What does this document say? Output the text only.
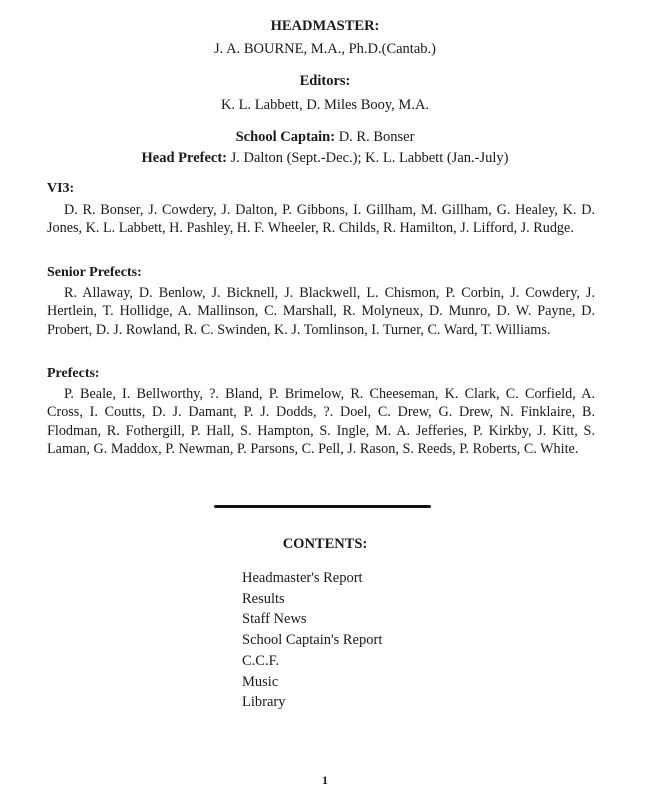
HEADMASTER:
J. A. BOURNE, M.A., Ph.D.(Cantab.)
Editors:
K. L. Labbett, D. Miles Booy, M.A.
School Captain: D. R. Bonser
Head Prefect: J. Dalton (Sept.-Dec.); K. L. Labbett (Jan.-July)
VI3:
D. R. Bonser, J. Cowdery, J. Dalton, P. Gibbons, I. Gillham, M. Gillham, G. Healey, K. D. Jones, K. L. Labbett, H. Pashley, H. F. Wheeler, R. Childs, R. Hamilton, J. Lifford, J. Rudge.
Senior Prefects:
R. Allaway, D. Benlow, J. Bicknell, J. Blackwell, L. Chismon, P. Corbin, J. Cowdery, J. Hertlein, T. Hollidge, A. Mallinson, C. Marshall, R. Molyneux, D. Munro, D. W. Payne, D. Probert, D. J. Rowland, R. C. Swinden, K. J. Tomlinson, I. Turner, C. Ward, T. Williams.
Prefects:
P. Beale, I. Bellworthy, ?. Bland, P. Brimelow, R. Cheeseman, K. Clark, C. Corfield, A. Cross, I. Coutts, D. J. Damant, P. J. Dodds, ?. Doel, C. Drew, G. Drew, N. Finklaire, B. Flodman, R. Fothergill, P. Hall, S. Hampton, S. Ingle, M. A. Jefferies, P. Kirkby, J. Kitt, S. Laman, G. Maddox, P. Newman, P. Parsons, C. Pell, J. Rason, S. Reeds, P. Roberts, C. White.
CONTENTS:
Headmaster's Report
Results
Staff News
School Captain's Report
C.C.F.
Music
Library
1
